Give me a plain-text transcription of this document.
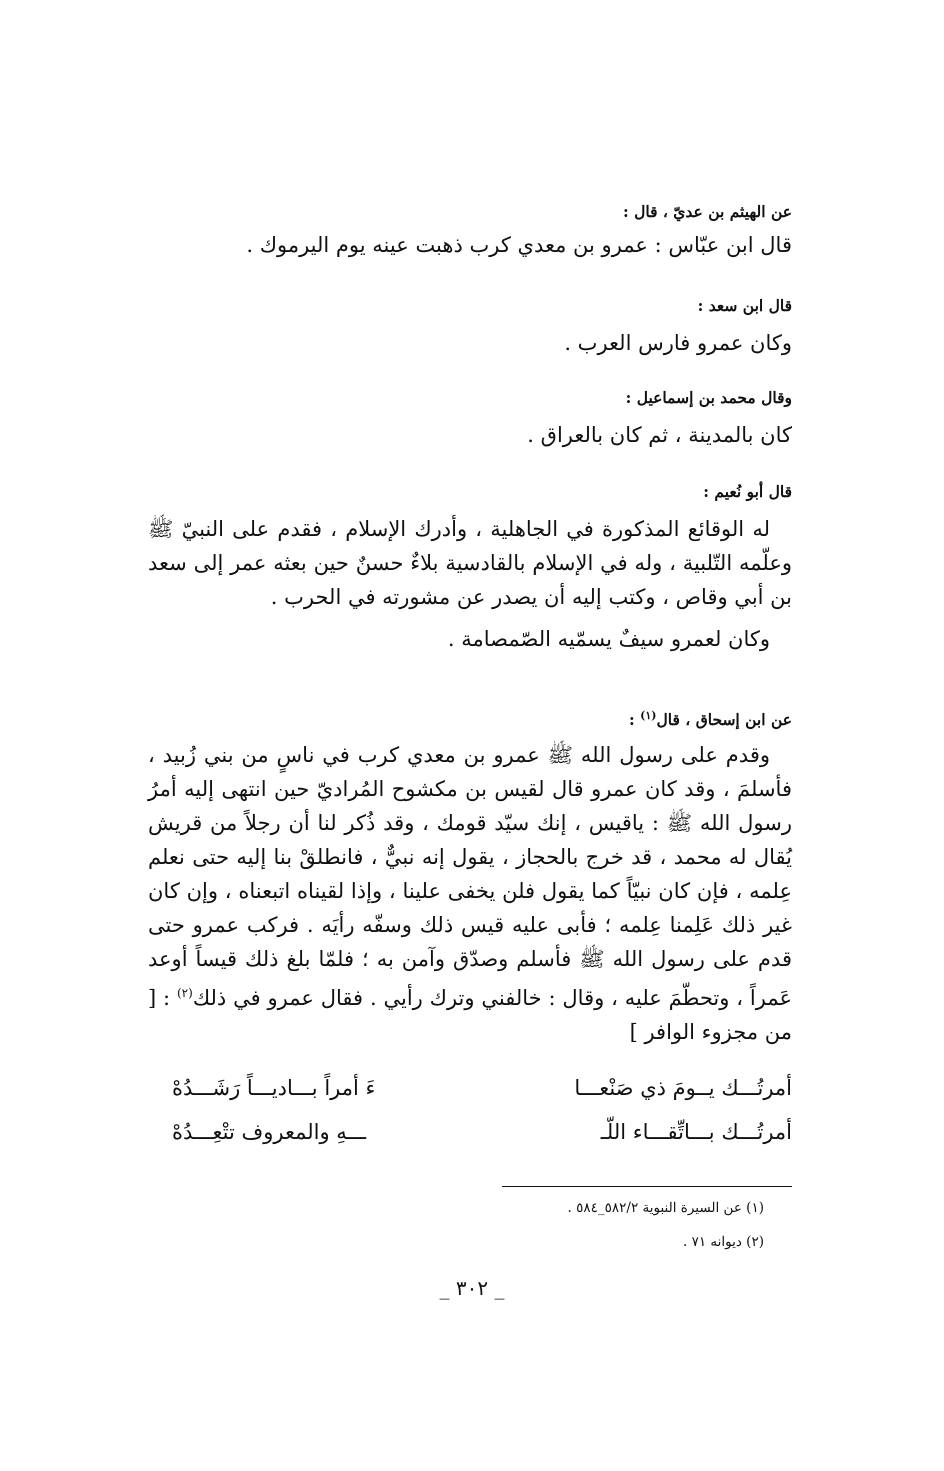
عن الهيثم بن عديّ ، قال :
قال ابن عبّاس : عمرو بن معدي كرب ذهبت عينه يوم اليرموك .
قال ابن سعد :
وكان عمرو فارس العرب .
وقال محمد بن إسماعيل :
كان بالمدينة ، ثم كان بالعراق .
قال أبو نُعيم :
له الوقائع المذكورة في الجاهلية ، وأدرك الإسلام ، فقدم على النبيّ ﷺ وعلّمه التّلبية ، وله في الإسلام بالقادسية بلاءٌ حسنٌ حين بعثه عمر إلى سعد بن أبي وقاص ، وكتب إليه أن يصدر عن مشورته في الحرب .
وكان لعمرو سيفٌ يسمّيه الصّمصامة .
عن ابن إسحاق ، قال$^{(١)}$ :
وقدم على رسول الله ﷺ عمرو بن معدي كرب في ناسٍ من بني زُبيد ، فأسلمَ ، وقد كان عمرو قال لقيس بن مكشوح المُراديّ حين انتهى إليه أمرُ رسول الله ﷺ : ياقيس ، إنك سيّد قومك ، وقد ذُكر لنا أن رجلاً من قريش يُقال له محمد ، قد خرج بالحجاز ، يقول إنه نبيٌّ ، فانطلقْ بنا إليه حتى نعلم عِلمه ، فإن كان نبيّاً كما يقول فلن يخفى علينا ، وإذا لقيناه اتبعناه ، وإن كان غير ذلك عَلِمنا عِلمه ؛ فأبى عليه قيس ذلك وسفّه رأيَه . فركب عمرو حتى قدم على رسول الله ﷺ فأسلم وصدّق وآمن به ؛ فلمّا بلغ ذلك قيساً أوعد عَمراً ، وتحطّمَ عليه ، وقال : خالفني وترك رأيي . فقال عمرو في ذلك$^{(٢)}$ : [ من مجزوء الوافر ]
أمرتُـــك يــومَ ذي صَنْعـــا
ءَ أمراً بـــاديـــاً رَشَـــدُهْ
أمرتُـــك بـــاتِّقـــاء اللّـ
ـــهِ والمعروف تتْعِـــدُهْ
(١) عن السيرة النبوية ٥٨٢/٢_٥٨٤ .
(٢) ديوانه ٧١ .
_ ٣٠٢ _
